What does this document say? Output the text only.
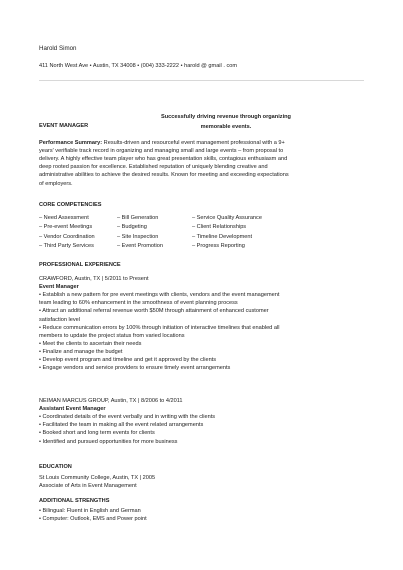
Harold Simon
411 North West Ave • Austin, TX 34008 • (004) 333-2222 • harold @ gmail . com
Successfully driving revenue through organizing memorable events.
EVENT MANAGER
Performance Summary: Results-driven and resourceful event management professional with a 9+ years' verifiable track record in organizing and managing small and large events – from proposal to delivery. A highly effective team player who has great presentation skills, contagious enthusiasm and deep rooted passion for excellence. Established reputation of uniquely blending creative and administrative abilities to achieve the desired results. Known for meeting and exceeding expectations of employers.
CORE COMPETENCIES
– Need Assessment
– Pre-event Meetings
– Vendor Coordination
– Third Party Services
– Bill Generation
– Budgeting
– Site Inspection
– Event Promotion
– Service Quality Assurance
– Client Relationships
– Timeline Development
– Progress Reporting
PROFESSIONAL EXPERIENCE
CRAWFORD, Austin, TX | 5/2011 to Present
Event Manager
• Establish a new pattern for pre event meetings with clients, vendors and the event management team leading to 60% enhancement in the smoothness of event planning process
• Attract an additional referral revenue worth $50M through attainment of enhanced customer satisfaction level
• Reduce communication errors by 100% through initiation of interactive timelines that enabled all members to update the project status from varied locations
• Meet the clients to ascertain their needs
• Finalize and manage the budget
• Develop event program and timeline and get it approved by the clients
• Engage vendors and service providers to ensure timely event arrangements
NEIMAN MARCUS GROUP, Austin, TX | 8/2006 to 4/2011
Assistant Event Manager
• Coordinated details of the event verbally and in writing with the clients
• Facilitated the team in making all the event related arrangements
• Booked short and long term events for clients
• Identified and pursued opportunities for more business
EDUCATION
St Louis Community College, Austin, TX | 2005
Associate of Arts in Event Management
ADDITIONAL STRENGTHS
• Bilingual: Fluent in English and German
• Computer: Outlook, EMS and Power point
